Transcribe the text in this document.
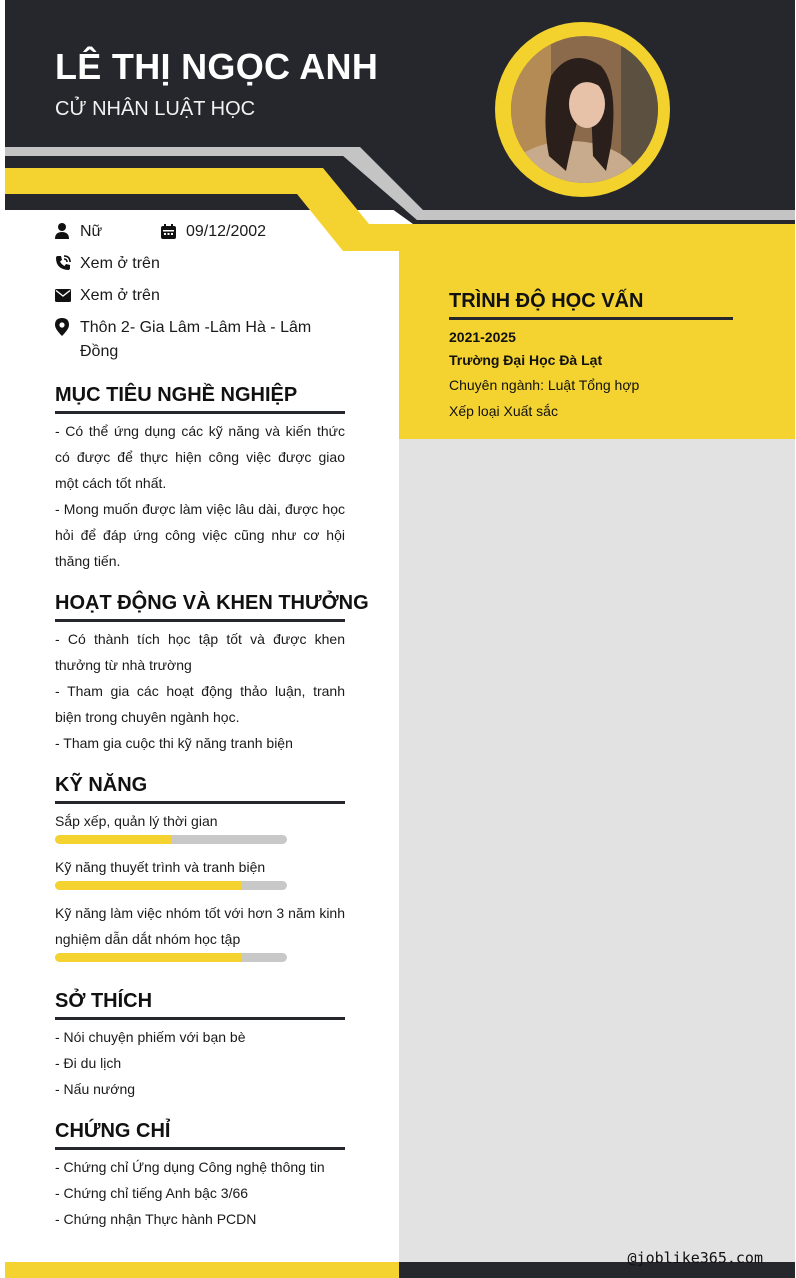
LÊ THỊ NGỌC ANH
CỬ NHÂN LUẬT HỌC
Nữ	09/12/2002
Xem ở trên
Xem ở trên
Thôn 2- Gia Lâm -Lâm Hà - Lâm Đồng
MỤC TIÊU NGHỀ NGHIỆP
- Có thể ứng dụng các kỹ năng và kiến thức có được để thực hiện công việc được giao một cách tốt nhất.
- Mong muốn được làm việc lâu dài, được học hỏi để đáp ứng công việc cũng như cơ hội thăng tiến.
HOẠT ĐỘNG VÀ KHEN THƯỞNG
- Có thành tích học tập tốt và được khen thưởng từ nhà trường
- Tham gia các hoạt động thảo luận, tranh biện trong chuyên ngành học.
- Tham gia cuộc thi kỹ năng tranh biện
KỸ NĂNG
Sắp xếp, quản lý thời gian
Kỹ năng thuyết trình và tranh biện
Kỹ năng làm việc nhóm tốt với hơn 3 năm kinh nghiệm dẫn dắt nhóm học tập
SỞ THÍCH
- Nói chuyện phiếm với bạn bè
- Đi du lịch
- Nấu nướng
CHỨNG CHỈ
- Chứng chỉ Ứng dụng Công nghệ thông tin
- Chứng chỉ tiếng Anh bậc 3/66
- Chứng nhận Thực hành PCDN
TRÌNH ĐỘ HỌC VẤN
2021-2025
Trường Đại Học Đà Lạt
Chuyên ngành: Luật Tổng hợp
Xếp loại Xuất sắc
@joblike365.com
